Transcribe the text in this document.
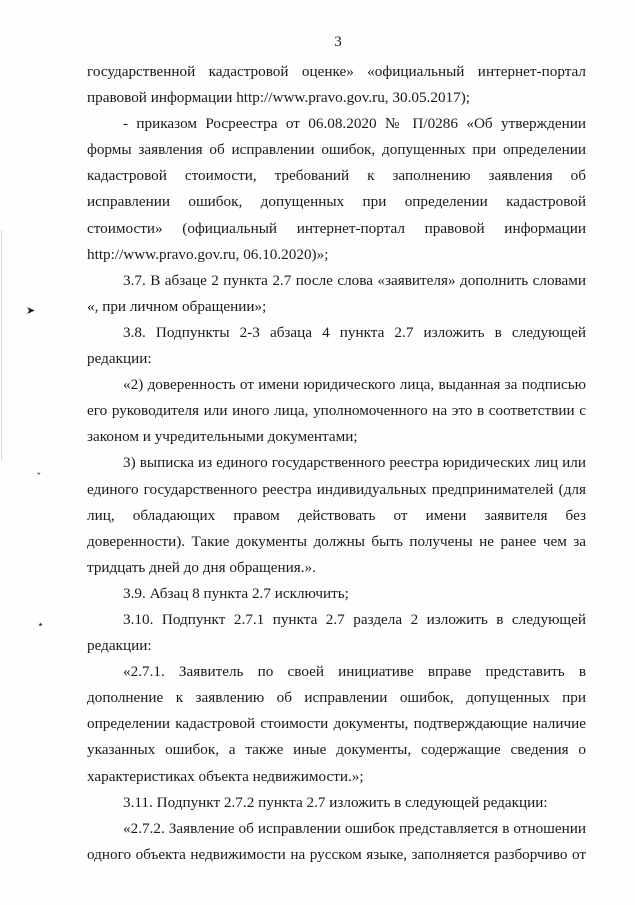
➤
ˇ
⋆
3

государственной кадастровой оценке» «официальный интернет-портал правовой информации http://www.pravo.gov.ru, 30.05.2017);

- приказом Росреестра от 06.08.2020 № П/0286 «Об утверждении формы заявления об исправлении ошибок, допущенных при определении кадастровой стоимости, требований к заполнению заявления об исправлении ошибок, допущенных при определении кадастровой стоимости» (официальный интернет-портал правовой информации http://www.pravo.gov.ru, 06.10.2020)»;

3.7. В абзаце 2 пункта 2.7 после слова «заявителя» дополнить словами «, при личном обращении»;

3.8. Подпункты 2-3 абзаца 4 пункта 2.7 изложить в следующей редакции:

«2) доверенность от имени юридического лица, выданная за подписью его руководителя или иного лица, уполномоченного на это в соответствии с законом и учредительными документами;

3) выписка из единого государственного реестра юридических лиц или единого государственного реестра индивидуальных предпринимателей (для лиц, обладающих правом действовать от имени заявителя без доверенности). Такие документы должны быть получены не ранее чем за тридцать дней до дня обращения.».

3.9. Абзац 8 пункта 2.7 исключить;

3.10. Подпункт 2.7.1 пункта 2.7 раздела 2 изложить в следующей редакции:

«2.7.1. Заявитель по своей инициативе вправе представить в дополнение к заявлению об исправлении ошибок, допущенных при определении кадастровой стоимости документы, подтверждающие наличие указанных ошибок, а также иные документы, содержащие сведения о характеристиках объекта недвижимости.»;

3.11. Подпункт 2.7.2 пункта 2.7 изложить в следующей редакции:

«2.7.2. Заявление об исправлении ошибок представляется в отношении одного объекта недвижимости на русском языке, заполняется разборчиво от
